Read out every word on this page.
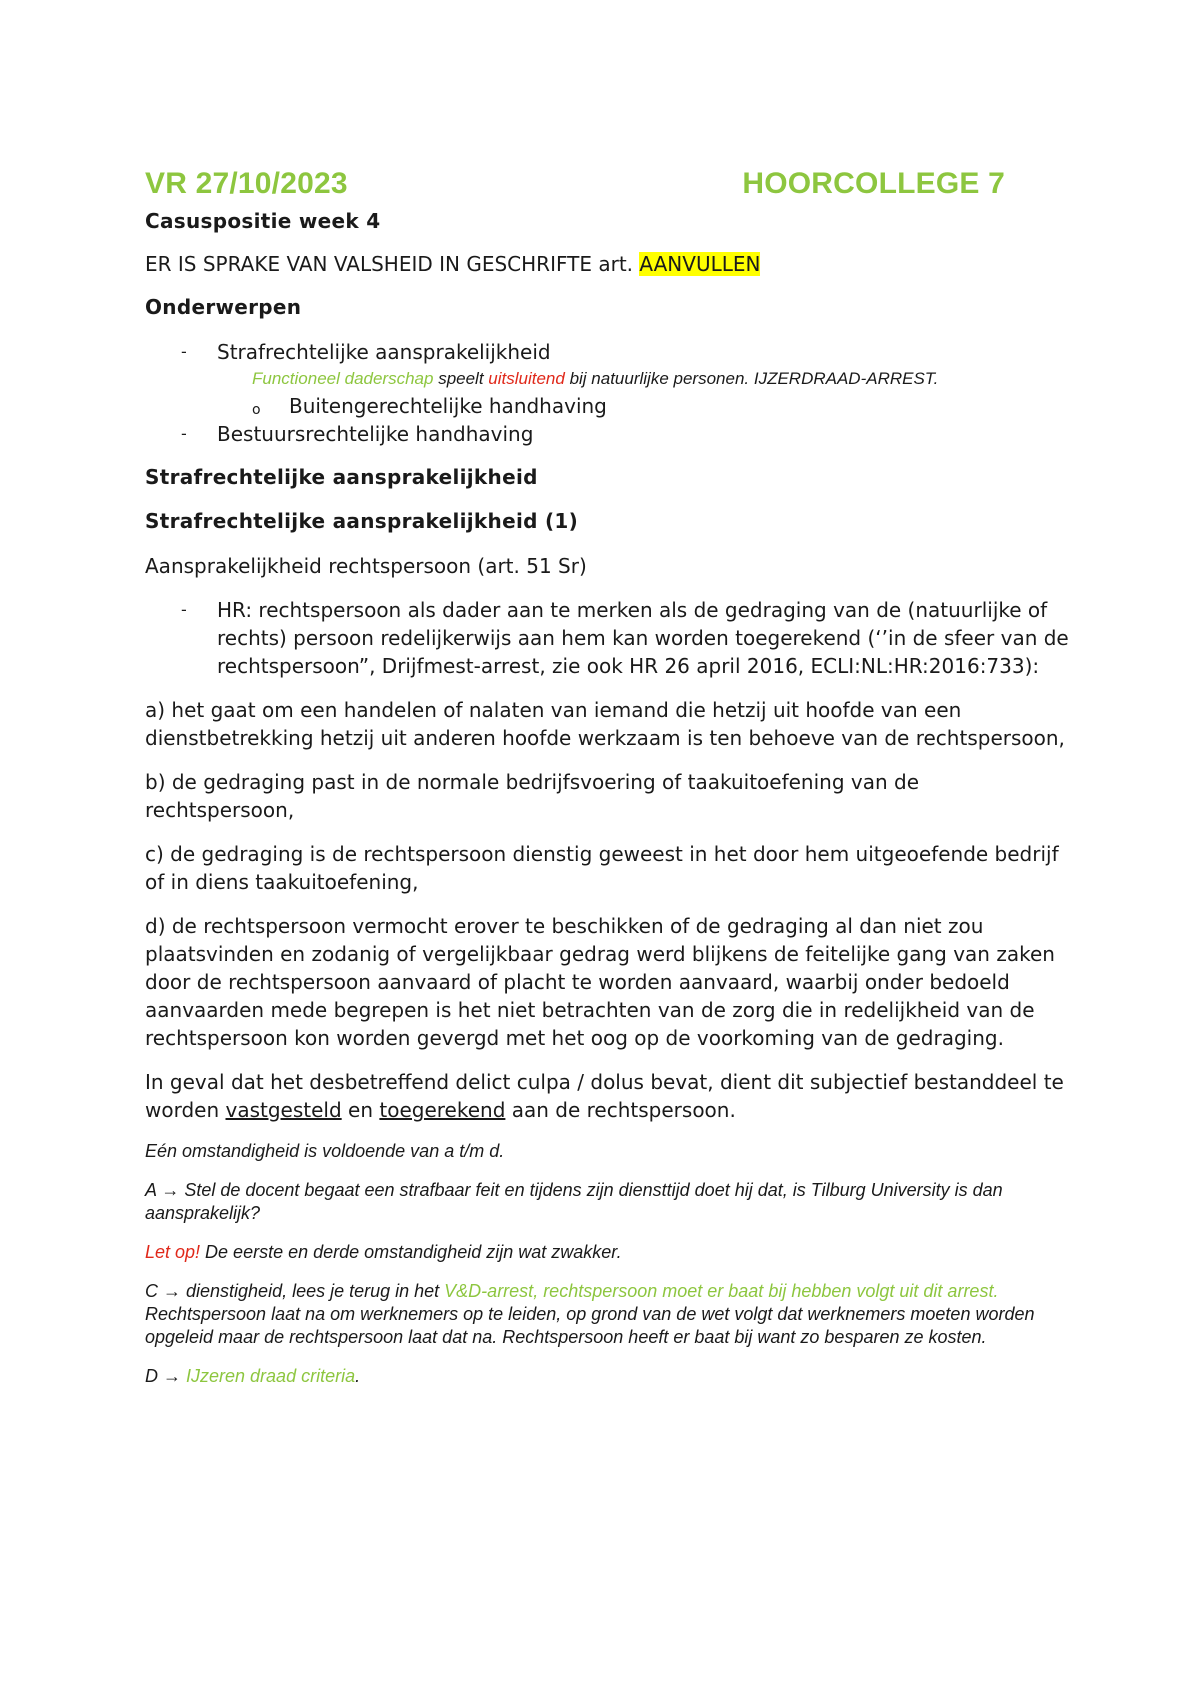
VR 27/10/2023	HOORCOLLEGE 7
Casuspositie week 4
ER IS SPRAKE VAN VALSHEID IN GESCHRIFTE art. AANVULLEN
Onderwerpen
- Strafrechtelijke aansprakelijkheid
Functioneel daderschap speelt uitsluitend bij natuurlijke personen. IJZERDRAAD-ARREST.
o Buitengerechtelijke handhaving
- Bestuursrechtelijke handhaving
Strafrechtelijke aansprakelijkheid
Strafrechtelijke aansprakelijkheid (1)
Aansprakelijkheid rechtspersoon (art. 51 Sr)
- HR: rechtspersoon als dader aan te merken als de gedraging van de (natuurlijke of rechts) persoon redelijkerwijs aan hem kan worden toegerekend (‘’in de sfeer van de rechtspersoon”, Drijfmest-arrest, zie ook HR 26 april 2016, ECLI:NL:HR:2016:733):
a) het gaat om een handelen of nalaten van iemand die hetzij uit hoofde van een dienstbetrekking hetzij uit anderen hoofde werkzaam is ten behoeve van de rechtspersoon,
b) de gedraging past in de normale bedrijfsvoering of taakuitoefening van de rechtspersoon,
c) de gedraging is de rechtspersoon dienstig geweest in het door hem uitgeoefende bedrijf of in diens taakuitoefening,
d) de rechtspersoon vermocht erover te beschikken of de gedraging al dan niet zou plaatsvinden en zodanig of vergelijkbaar gedrag werd blijkens de feitelijke gang van zaken door de rechtspersoon aanvaard of placht te worden aanvaard, waarbij onder bedoeld aanvaarden mede begrepen is het niet betrachten van de zorg die in redelijkheid van de rechtspersoon kon worden gevergd met het oog op de voorkoming van de gedraging.
In geval dat het desbetreffend delict culpa / dolus bevat, dient dit subjectief bestanddeel te worden vastgesteld en toegerekend aan de rechtspersoon.
Eén omstandigheid is voldoende van a t/m d.
A → Stel de docent begaat een strafbaar feit en tijdens zijn diensttijd doet hij dat, is Tilburg University is dan aansprakelijk?
Let op! De eerste en derde omstandigheid zijn wat zwakker.
C → dienstigheid, lees je terug in het V&D-arrest, rechtspersoon moet er baat bij hebben volgt uit dit arrest. Rechtspersoon laat na om werknemers op te leiden, op grond van de wet volgt dat werknemers moeten worden opgeleid maar de rechtspersoon laat dat na. Rechtspersoon heeft er baat bij want zo besparen ze kosten.
D → IJzeren draad criteria.
